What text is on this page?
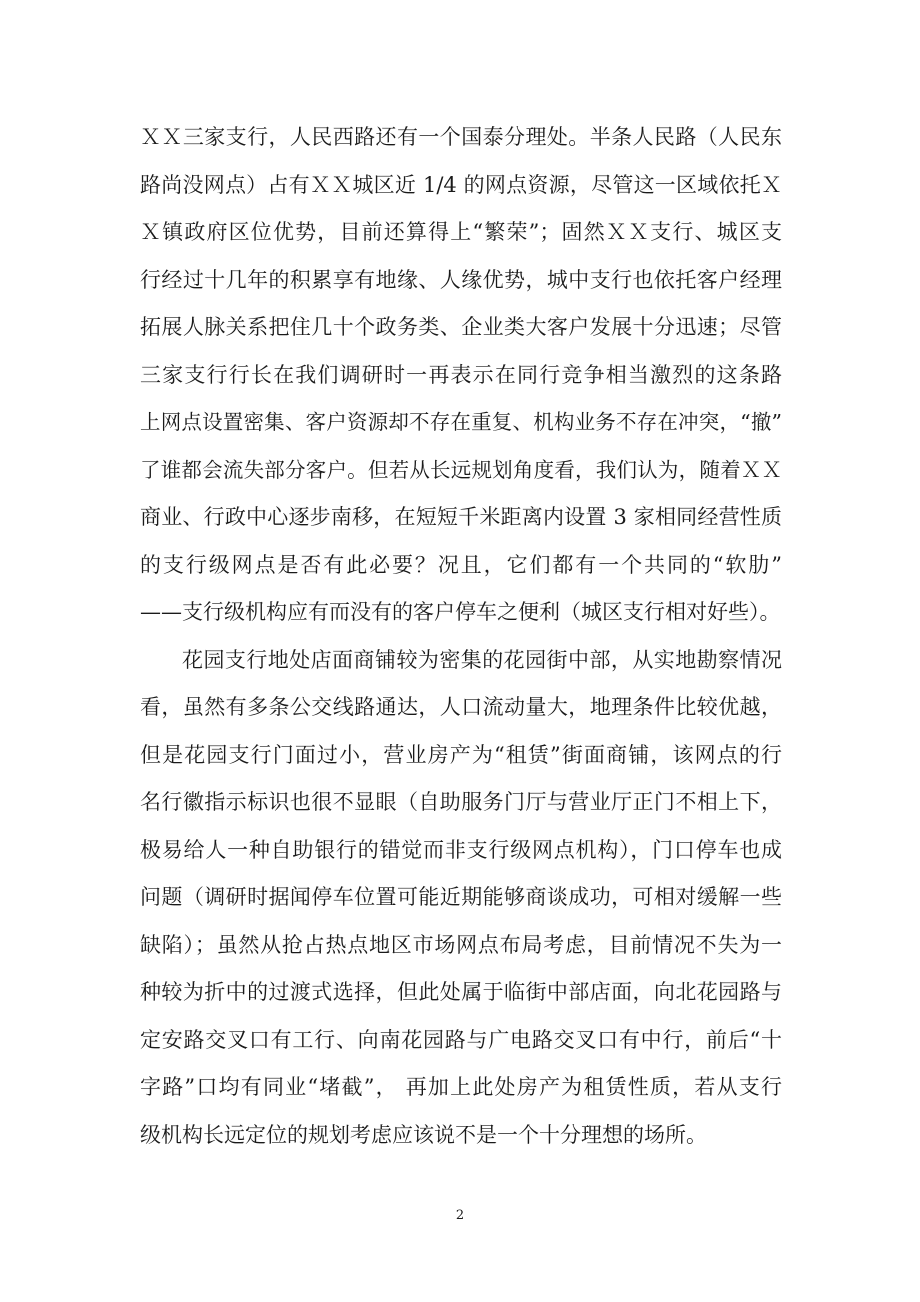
ＸＸ三家支行，人民西路还有一个国泰分理处。半条人民路（人民东
路尚没网点）占有ＸＸ城区近 1/4 的网点资源，尽管这一区域依托Ｘ
Ｘ镇政府区位优势，目前还算得上“繁荣”；固然ＸＸ支行、城区支
行经过十几年的积累享有地缘、人缘优势，城中支行也依托客户经理
拓展人脉关系把住几十个政务类、企业类大客户发展十分迅速；尽管
三家支行行长在我们调研时一再表示在同行竞争相当激烈的这条路
上网点设置密集、客户资源却不存在重复、机构业务不存在冲突，“撤”
了谁都会流失部分客户。但若从长远规划角度看，我们认为，随着ＸＸ
商业、行政中心逐步南移，在短短千米距离内设置 3 家相同经营性质
的支行级网点是否有此必要？况且，它们都有一个共同的“软肋”
——支行级机构应有而没有的客户停车之便利（城区支行相对好些）。
花园支行地处店面商铺较为密集的花园街中部，从实地勘察情况
看，虽然有多条公交线路通达，人口流动量大，地理条件比较优越，
但是花园支行门面过小，营业房产为“租赁”街面商铺，该网点的行
名行徽指示标识也很不显眼（自助服务门厅与营业厅正门不相上下，
极易给人一种自助银行的错觉而非支行级网点机构），门口停车也成
问题（调研时据闻停车位置可能近期能够商谈成功，可相对缓解一些
缺陷）；虽然从抢占热点地区市场网点布局考虑，目前情况不失为一
种较为折中的过渡式选择，但此处属于临街中部店面，向北花园路与
定安路交叉口有工行、向南花园路与广电路交叉口有中行，前后“十
字路”口均有同业“堵截”， 再加上此处房产为租赁性质，若从支行
级机构长远定位的规划考虑应该说不是一个十分理想的场所。
2
